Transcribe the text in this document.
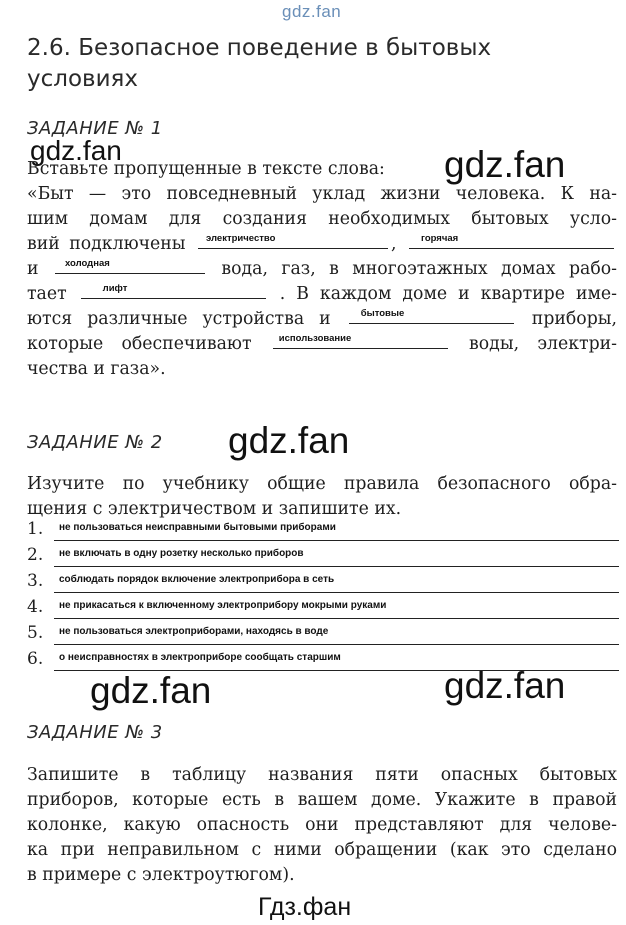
gdz.fan
2.6. Безопасное поведение в бытовых
условиях
ЗАДАНИЕ № 1
gdz.fan	gdz.fan
Вставьте пропущенные в тексте слова:
«Быт — это повседневный уклад жизни человека. К на-
шим домам для создания необходимых бытовых усло-
вий подключены электричество	,	горячая
и	холодная	вода, газ, в многоэтажных домах рабо-
тает	лифт	. В каждом доме и квартире име-
ются различные устройства и	бытовые	приборы,
которые обеспечивают	использование	воды, электри-
чества и газа».
ЗАДАНИЕ № 2 gdz.fan
Изучите по учебнику общие правила безопасного обра-
щения с электричеством и запишите их.
1. не пользоваться неисправными бытовыми приборами
2. не включать в одну розетку несколько приборов
3. соблюдать порядок включение электроприбора в сеть
4. не прикасаться к включенному электроприбору мокрыми руками
5. не пользоваться электроприборами, находясь в воде
6. о неисправностях в электроприборе сообщать старшим
gdz.fan	gdz.fan
ЗАДАНИЕ № 3
Запишите в таблицу названия пяти опасных бытовых
приборов, которые есть в вашем доме. Укажите в правой
колонке, какую опасность они представляют для челове-
ка при неправильном с ними обращении (как это сделано
в примере с электроутюгом).
Гдз.фан
